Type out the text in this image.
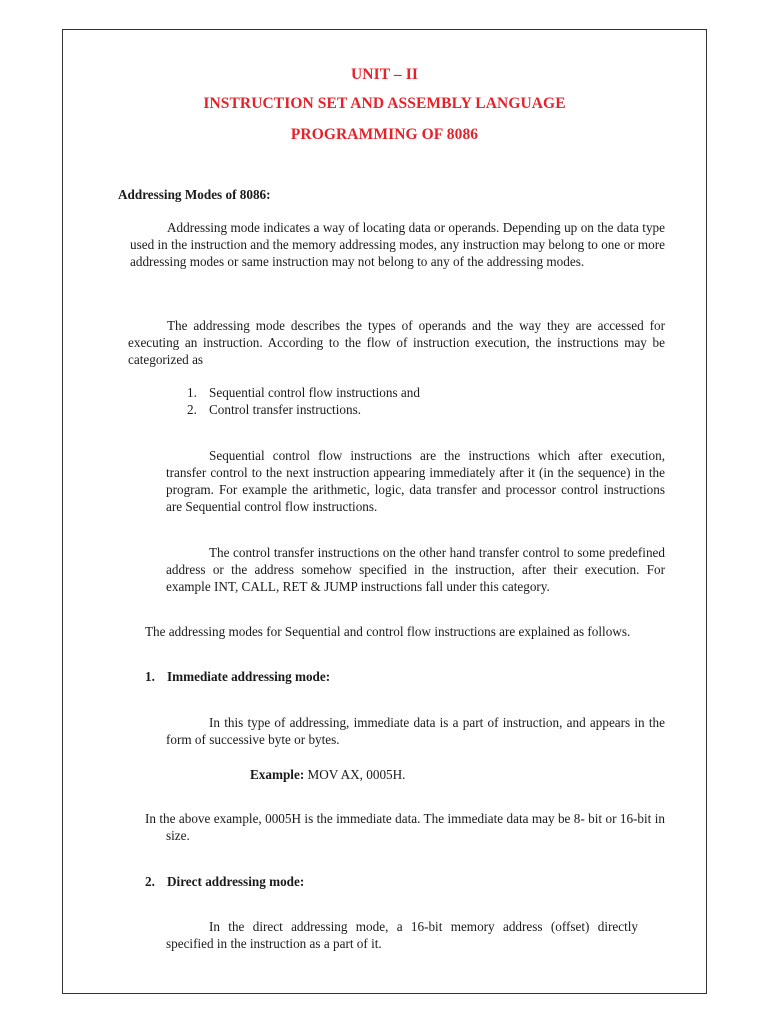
UNIT – II
INSTRUCTION SET AND ASSEMBLY LANGUAGE
PROGRAMMING OF 8086
Addressing Modes of 8086:
Addressing mode indicates a way of locating data or operands. Depending up on the data type used in the instruction and the memory addressing modes, any instruction may belong to one or more addressing modes or same instruction may not belong to any of the addressing modes.
The addressing mode describes the types of operands and the way they are accessed for executing an instruction. According to the flow of instruction execution, the instructions may be categorized as
1. Sequential control flow instructions and
2. Control transfer instructions.
Sequential control flow instructions are the instructions which after execution, transfer control to the next instruction appearing immediately after it (in the sequence) in the program. For example the arithmetic, logic, data transfer and processor control instructions are Sequential control flow instructions.
The control transfer instructions on the other hand transfer control to some predefined address or the address somehow specified in the instruction, after their execution. For example INT, CALL, RET & JUMP instructions fall under this category.
The addressing modes for Sequential and control flow instructions are explained as follows.
1. Immediate addressing mode:
In this type of addressing, immediate data is a part of instruction, and appears in the form of successive byte or bytes.
Example: MOV AX, 0005H.
In the above example, 0005H is the immediate data. The immediate data may be 8- bit or 16-bit in size.
2. Direct addressing mode:
In the direct addressing mode, a 16-bit memory address (offset) directly specified in the instruction as a part of it.
